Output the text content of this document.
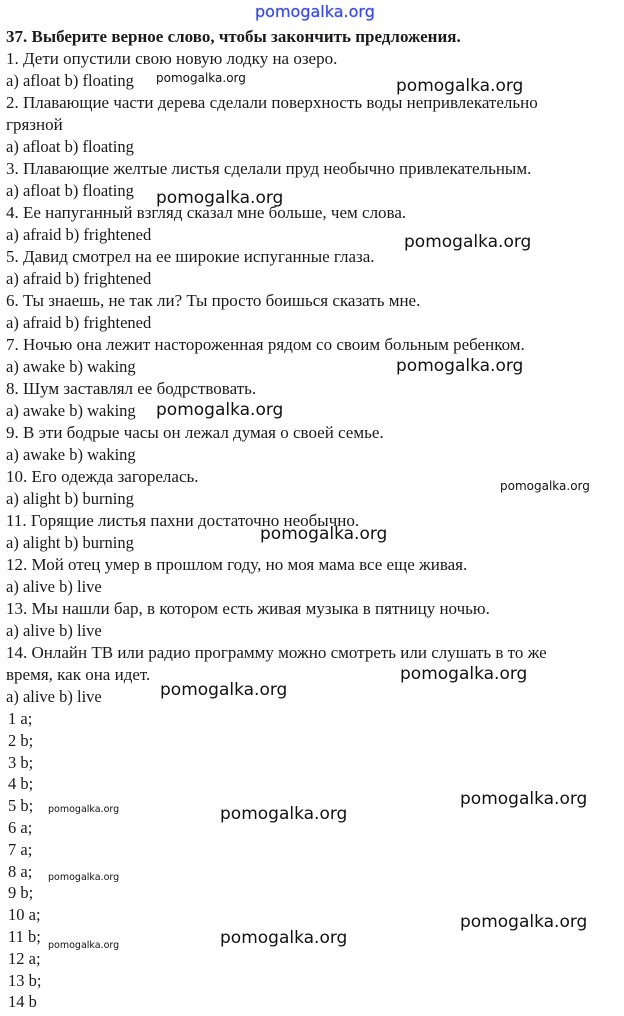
pomogalka.org
37. Выберите верное слово, чтобы закончить предложения.
1. Дети опустили свою новую лодку на озеро.
a) afloat b) floating
2. Плавающие части дерева сделали поверхность воды непривлекательно
грязной
a) afloat b) floating
3. Плавающие желтые листья сделали пруд необычно привлекательным.
a) afloat b) floating
4. Ее напуганный взгляд сказал мне больше, чем слова.
a) afraid b) frightened
5. Давид смотрел на ее широкие испуганные глаза.
a) afraid b) frightened
6. Ты знаешь, не так ли? Ты просто боишься сказать мне.
a) afraid b) frightened
7. Ночью она лежит настороженная рядом со своим больным ребенком.
a) awake b) waking
8. Шум заставлял ее бодрствовать.
a) awake b) waking
9. В эти бодрые часы он лежал думая о своей семье.
a) awake b) waking
10. Его одежда загорелась.
a) alight b) burning
11. Горящие листья пахни достаточно необычно.
a) alight b) burning
12. Мой отец умер в прошлом году, но моя мама все еще живая.
a) alive b) live
13. Мы нашли бар, в котором есть живая музыка в пятницу ночью.
a) alive b) live
14. Онлайн ТВ или радио программу можно смотреть или слушать в то же
время, как она идет.
a) alive b) live
1 a;
2 b;
3 b;
4 b;
5 b;
6 a;
7 a;
8 a;
9 b;
10 a;
11 b;
12 a;
13 b;
14 b
pomogalka.org	pomogalka.org
pomogalka.org
pomogalka.org
pomogalka.org
pomogalka.org
pomogalka.org
pomogalka.org
pomogalka.org
pomogalka.org
pomogalka.org
pomogalka.org	pomogalka.org
pomogalka.org
pomogalka.org
pomogalka.org
pomogalka.org
